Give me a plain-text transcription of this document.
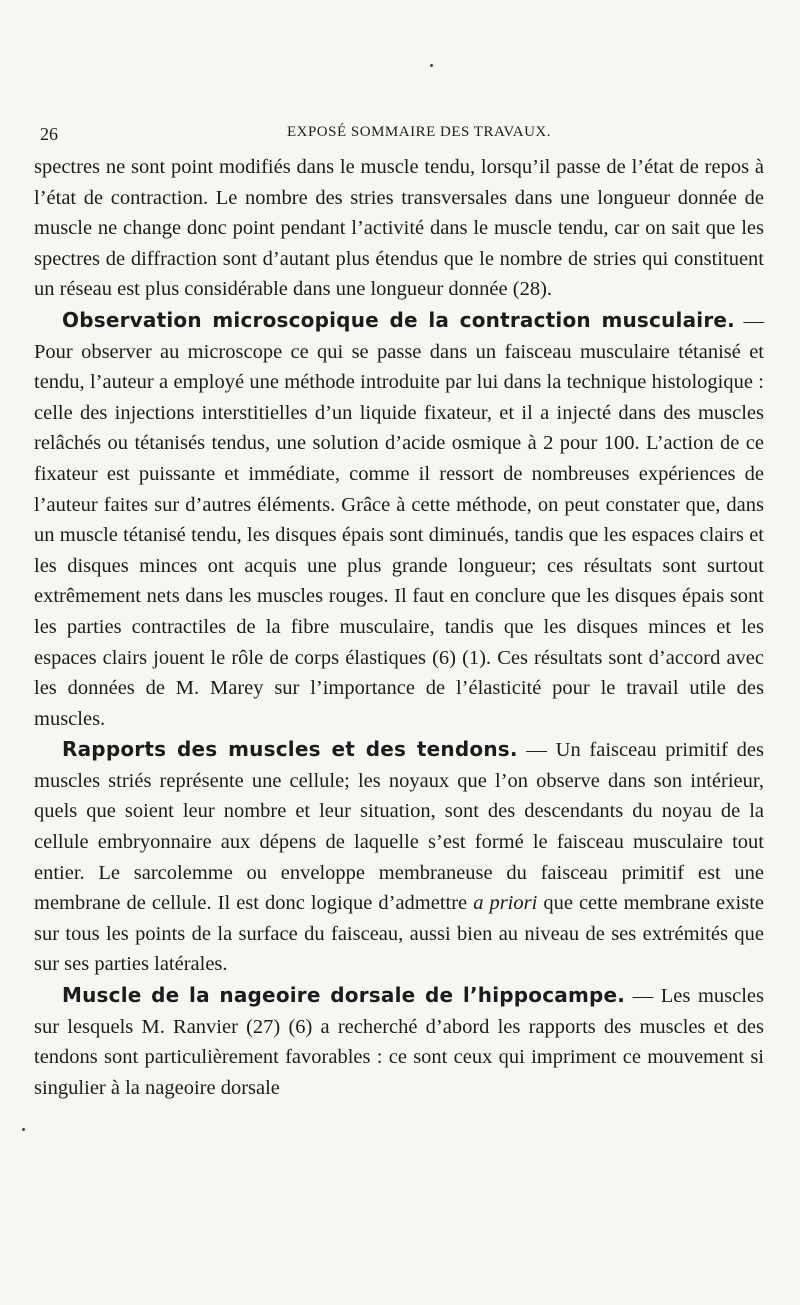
26	EXPOSÉ SOMMAIRE DES TRAVAUX.

spectres ne sont point modifiés dans le muscle tendu, lorsqu’il passe de l’état de repos à l’état de contraction. Le nombre des stries transversales dans une longueur donnée de muscle ne change donc point pendant l’activité dans le muscle tendu, car on sait que les spectres de diffraction sont d’autant plus étendus que le nombre de stries qui constituent un réseau est plus considérable dans une longueur donnée (28).

Observation microscopique de la contraction musculaire. — Pour observer au microscope ce qui se passe dans un faisceau musculaire tétanisé et tendu, l’auteur a employé une méthode introduite par lui dans la technique histologique : celle des injections interstitielles d’un liquide fixateur, et il a injecté dans des muscles relâchés ou tétanisés tendus, une solution d’acide osmique à 2 pour 100. L’action de ce fixateur est puissante et immédiate, comme il ressort de nombreuses expériences de l’auteur faites sur d’autres éléments. Grâce à cette méthode, on peut constater que, dans un muscle tétanisé tendu, les disques épais sont diminués, tandis que les espaces clairs et les disques minces ont acquis une plus grande longueur; ces résultats sont surtout extrêmement nets dans les muscles rouges. Il faut en conclure que les disques épais sont les parties contractiles de la fibre musculaire, tandis que les disques minces et les espaces clairs jouent le rôle de corps élastiques (6) (1). Ces résultats sont d’accord avec les données de M. Marey sur l’importance de l’élasticité pour le travail utile des muscles.

Rapports des muscles et des tendons. — Un faisceau primitif des muscles striés représente une cellule; les noyaux que l’on observe dans son intérieur, quels que soient leur nombre et leur situation, sont des descendants du noyau de la cellule embryonnaire aux dépens de laquelle s’est formé le faisceau musculaire tout entier. Le sarcolemme ou enveloppe membraneuse du faisceau primitif est une membrane de cellule. Il est donc logique d’admettre a priori que cette membrane existe sur tous les points de la surface du faisceau, aussi bien au niveau de ses extrémités que sur ses parties latérales.

Muscle de la nageoire dorsale de l’hippocampe. — Les muscles sur lesquels M. Ranvier (27) (6) a recherché d’abord les rapports des muscles et des tendons sont particulièrement favorables : ce sont ceux qui impriment ce mouvement si singulier à la nageoire dorsale
